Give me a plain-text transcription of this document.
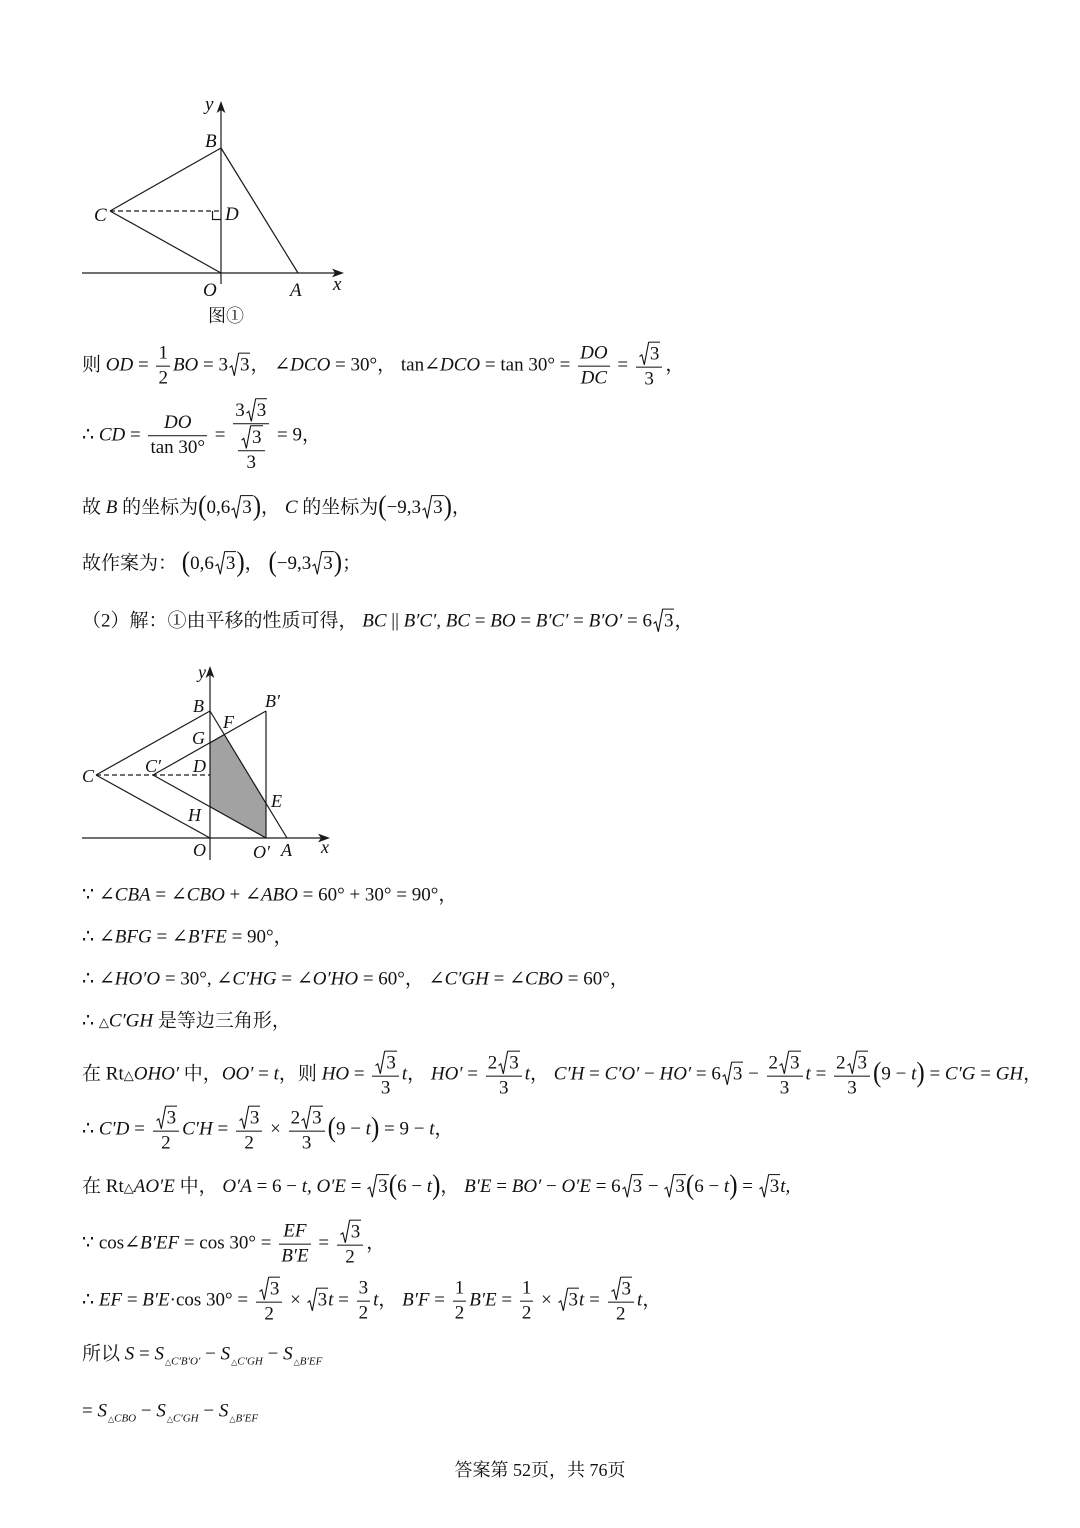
y
B
C	D
O	A x
图①
y
B	B′
F
G
C	C′ D
E
H
O	O′ A x
则 OD = $\frac{1}{2}$ BO = 3 3 ， ∠DCO = 30°， tan∠DCO = $\tan 30^\circ = \frac{DO}{DC} = \frac{3}{3}$ ，
∴ CD = $\frac{DO}{\tan 30^\circ} = \frac{3 3}{\frac{3}{3}} = 9$，
故 B 的坐标为(0,6 3 )， C 的坐标为(−9,3 3 )，
故作案为： (0,6 3 )， (−9,3 3 )；
（2）解：①由平移的性质可得， BC || B′C′, BC = BO = B′C′ = B′O′ = 6 3 ，
∵ ∠CBA = ∠CBO + ∠ABO = 60° + 30° = 90°，
∴ ∠BFG = ∠B′FE = 90°，
∴ ∠HO′O = 30°, ∠C′HG = ∠O′HO = 60°， ∠C′GH = ∠CBO = 60°，
∴ △C′GH 是等边三角形，
在 Rt△OHO′ 中，OO′ = t，则 HO = $\frac{3}{3}$ t， $HO' = \frac{2 3}{3}$ t， C′H = C′O′ − HO′ = 6 $3 - \frac{2 3}{3}$ $t = \frac{2 3}{3} (9 - t) = C'G$ = GH，
∴ $C'D = \frac{3}{2} C'H = \frac{3}{2} \times \frac{2 3}{3} (9 - t) = 9 - t$，
在 Rt△AO′E 中， O′A = 6 − t, O′E = 3 (6 − t)， B′E = BO′ − O′E = 6 3 − 3 (6 − t) = 3 t,
∵ cos∠B′EF = $\cos 30^\circ = \frac{EF}{B'E} = \frac{3}{2}$ ，
∴ EF = B′E·cos $30^\circ = \frac{3}{2} \times 3$ $t = \frac{3}{2}$ t， $B'F = \frac{1}{2} B'E = \frac{1}{2} \times 3$ $t = \frac{3}{2}$ t，
所以 $S = S_{\triangle C'B'O'} - S_{\triangle C'GH} - S_{\triangle B'EF}$
= $S_{\triangle CBO} - S_{\triangle C'GH} - S_{\triangle B'EF}$
答案第 52页，共 76页
